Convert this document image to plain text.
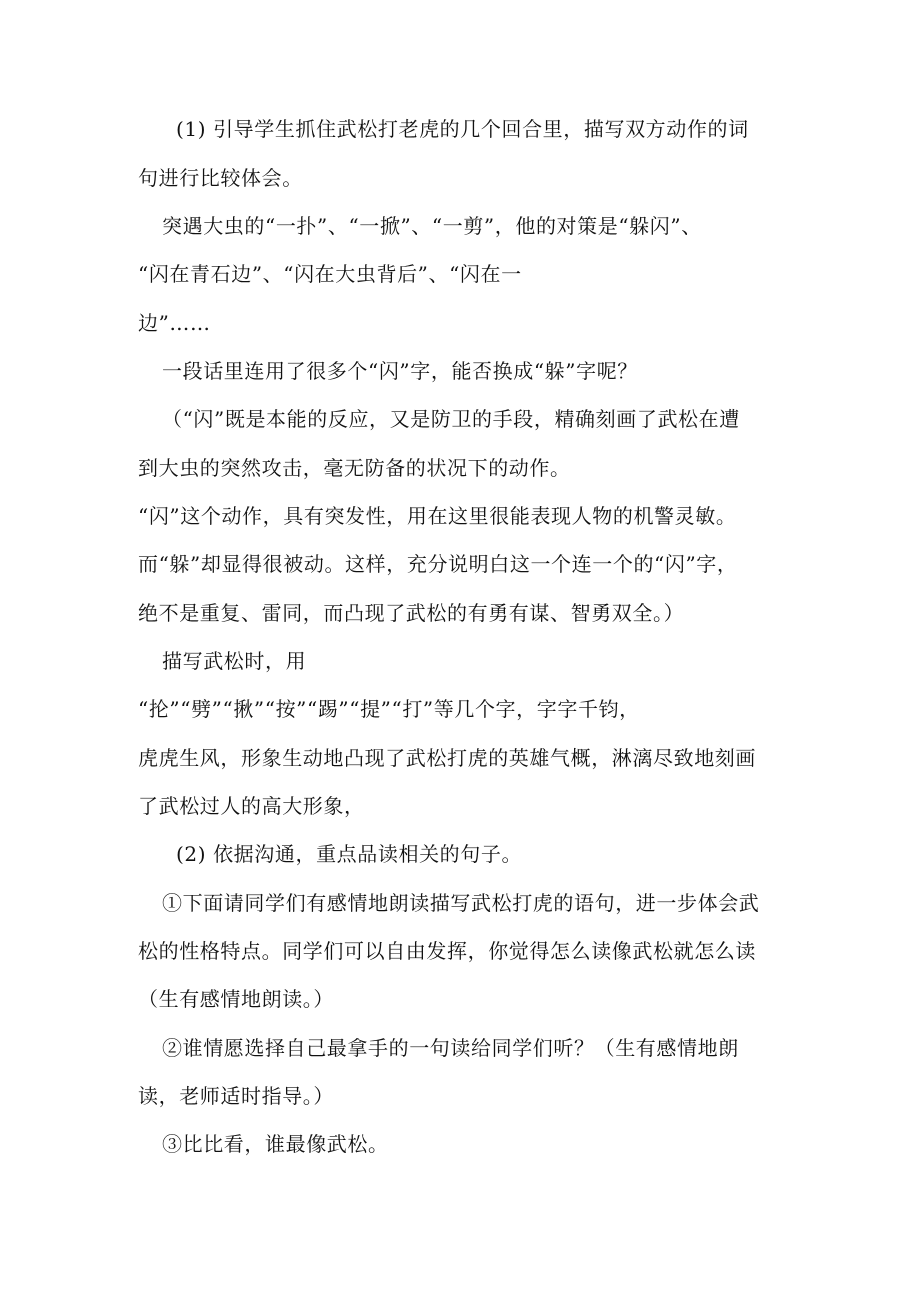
(1) 引导学生抓住武松打老虎的几个回合里，描写双方动作的词
句进行比较体会。
突遇大虫的“一扑”、“一掀”、“一剪”，他的对策是“躲闪”、
“闪在青石边”、“闪在大虫背后”、“闪在一
边”……
一段话里连用了很多个“闪”字，能否换成“躲”字呢？
（“闪”既是本能的反应，又是防卫的手段，精确刻画了武松在遭
到大虫的突然攻击，毫无防备的状况下的动作。
“闪”这个动作，具有突发性，用在这里很能表现人物的机警灵敏。
而“躲”却显得很被动。这样，充分说明白这一个连一个的“闪”字，
绝不是重复、雷同，而凸现了武松的有勇有谋、智勇双全。）
描写武松时，用
“抡”“劈”“揪”“按”“踢”“提”“打”等几个字，字字千钧，
虎虎生风，形象生动地凸现了武松打虎的英雄气概，淋漓尽致地刻画
了武松过人的高大形象，
(2) 依据沟通，重点品读相关的句子。
①下面请同学们有感情地朗读描写武松打虎的语句，进一步体会武
松的性格特点。同学们可以自由发挥，你觉得怎么读像武松就怎么读
（生有感情地朗读。）
②谁情愿选择自己最拿手的一句读给同学们听？（生有感情地朗
读，老师适时指导。）
③比比看，谁最像武松。
